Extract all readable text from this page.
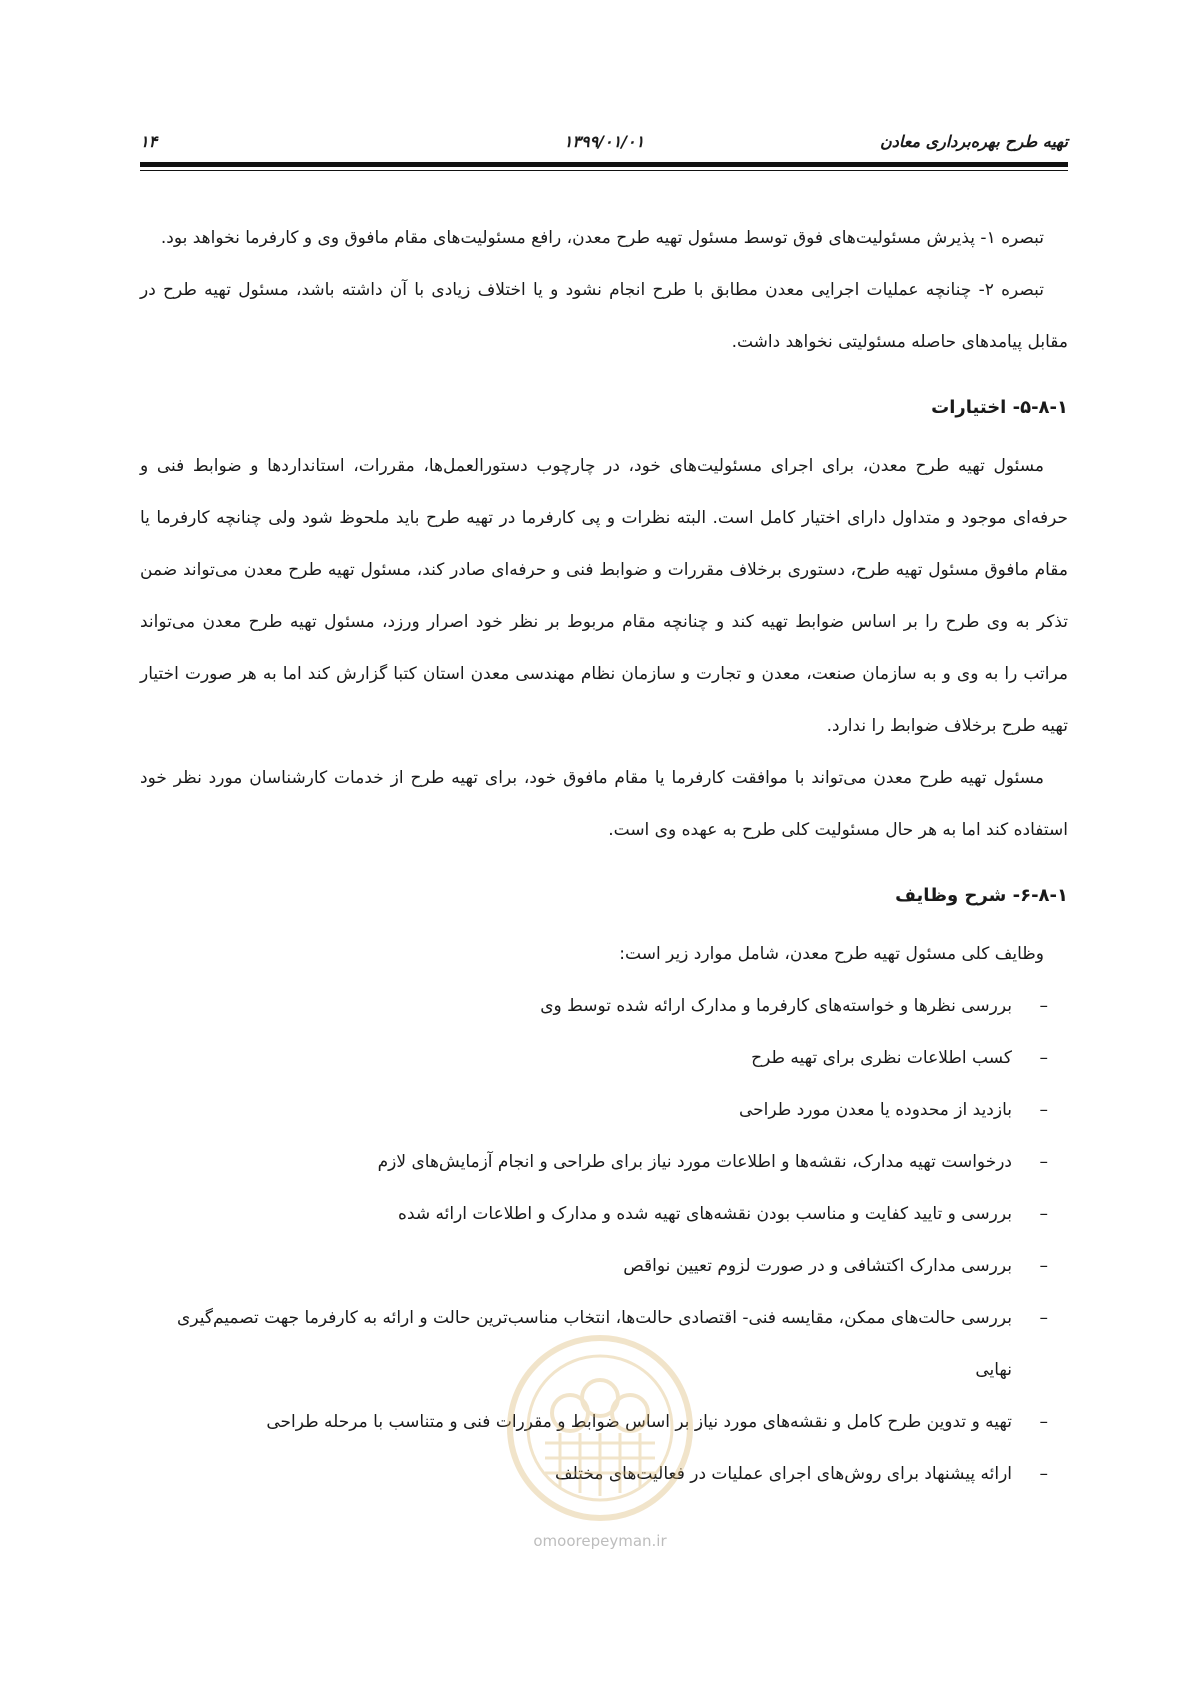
۱۴	۱۳۹۹/۰۱/۰۱	تهیه طرح بهره‌برداری معادن

تبصره ۱- پذیرش مسئولیت‌های فوق توسط مسئول تهیه طرح معدن، رافع مسئولیت‌های مقام مافوق وی و کارفرما نخواهد بود.

تبصره ۲- چنانچه عملیات اجرایی معدن مطابق با طرح انجام نشود و یا اختلاف زیادی با آن داشته باشد، مسئول تهیه طرح در مقابل پیامدهای حاصله مسئولیتی نخواهد داشت.

۵-۸-۱- اختیارات

مسئول تهیه طرح معدن، برای اجرای مسئولیت‌های خود، در چارچوب دستورالعمل‌ها، مقررات، استانداردها و ضوابط فنی و حرفه‌ای موجود و متداول دارای اختیار کامل است. البته نظرات و پی کارفرما در تهیه طرح باید ملحوظ شود ولی چنانچه کارفرما یا مقام مافوق مسئول تهیه طرح، دستوری برخلاف مقررات و ضوابط فنی و حرفه‌ای صادر کند، مسئول تهیه طرح معدن می‌تواند ضمن تذکر به وی طرح را بر اساس ضوابط تهیه کند و چنانچه مقام مربوط بر نظر خود اصرار ورزد، مسئول تهیه طرح معدن می‌تواند مراتب را به وی و به سازمان صنعت، معدن و تجارت و سازمان نظام مهندسی معدن استان کتبا گزارش کند اما به هر صورت اختیار تهیه طرح برخلاف ضوابط را ندارد.

مسئول تهیه طرح معدن می‌تواند با موافقت کارفرما یا مقام مافوق خود، برای تهیه طرح از خدمات کارشناسان مورد نظر خود استفاده کند اما به هر حال مسئولیت کلی طرح به عهده وی است.

۶-۸-۱- شرح وظایف

وظایف کلی مسئول تهیه طرح معدن، شامل موارد زیر است:

– بررسی نظرها و خواسته‌های کارفرما و مدارک ارائه شده توسط وی
– کسب اطلاعات نظری برای تهیه طرح
– بازدید از محدوده یا معدن مورد طراحی
– درخواست تهیه مدارک، نقشه‌ها و اطلاعات مورد نیاز برای طراحی و انجام آزمایش‌های لازم
– بررسی و تایید کفایت و مناسب بودن نقشه‌های تهیه شده و مدارک و اطلاعات ارائه شده
– بررسی مدارک اکتشافی و در صورت لزوم تعیین نواقص
– بررسی حالت‌های ممکن، مقایسه فنی- اقتصادی حالت‌ها، انتخاب مناسب‌ترین حالت و ارائه به کارفرما جهت تصمیم‌گیری نهایی
– تهیه و تدوین طرح کامل و نقشه‌های مورد نیاز بر اساس ضوابط و مقررات فنی و متناسب با مرحله طراحی
– ارائه پیشنهاد برای روش‌های اجرای عملیات در فعالیت‌های مختلف
omoorepeyman.ir
